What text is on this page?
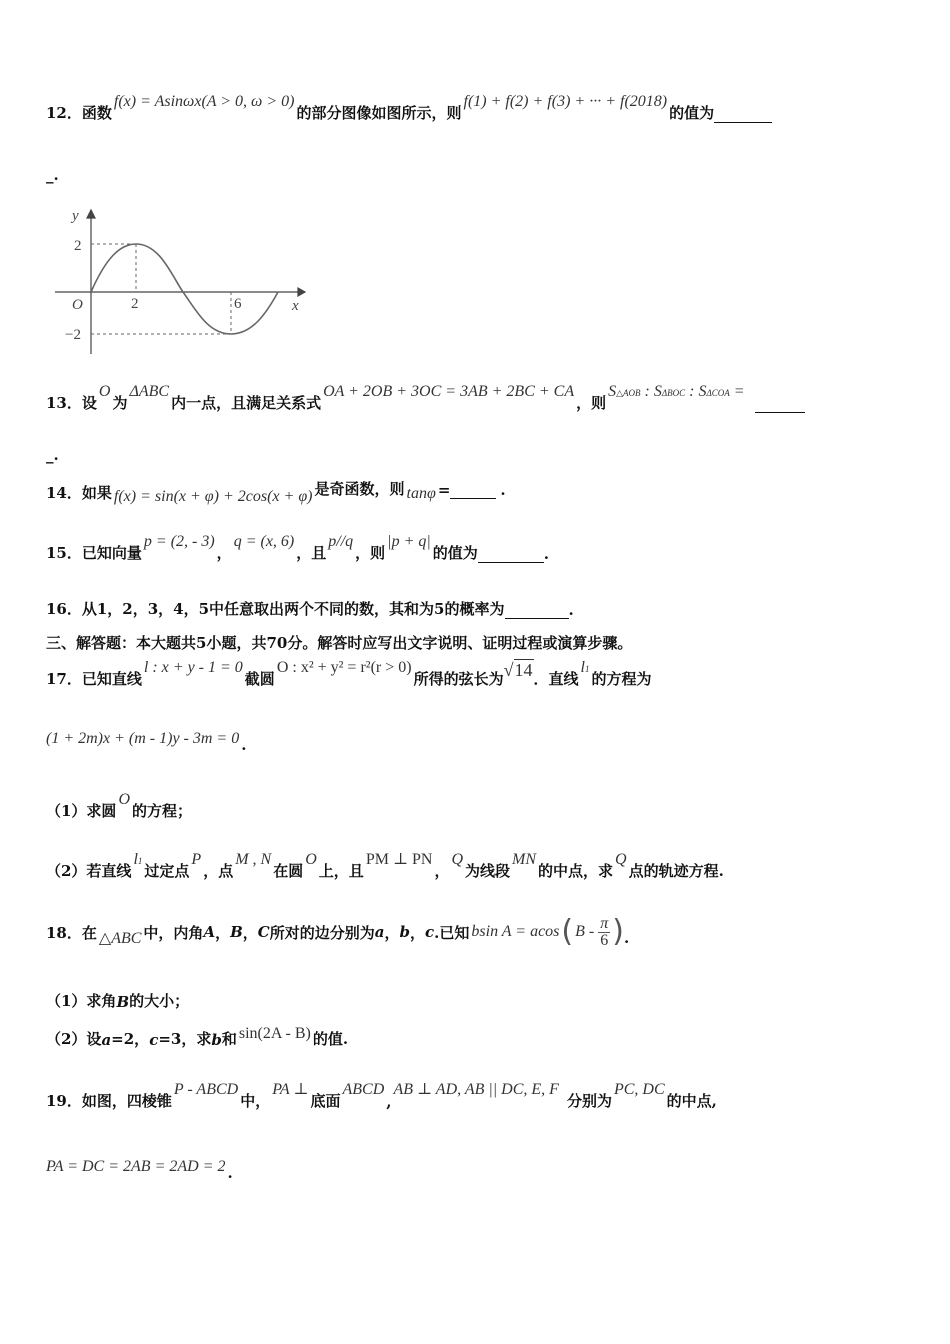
12． 函数
f(x) = Asinωx(A > 0, ω > 0)
的部分图像如图所示，则
f(1) + f(2) + f(3) + ··· + f(2018)
的值为
_.
y
x
O
2
−2
2	6
13． 设
O
为
ΔABC
内一点，且满足关系式
OA + 2OB + 3OC = 3AB + 2BC + CA
，则
S△AOB : SΔBOC : SΔCOA =
_.
14． 如果 f(x) = sin(x + φ) + 2cos(x + φ) 是奇函数，则 tanφ =	.
15． 已知向量
p = (2, - 3)
，
q = (x, 6)
，且
p//q
，则
|p + q|
的值为	.
16．从1，2，3，4，5中任意取出两个不同的数，其和为5的概率为	.
三、解答题：本大题共5小题，共70分。解答时应写出文字说明、证明过程或演算步骤。
17． 已知直线
l : x + y - 1 = 0
截圆
O : x² + y² = r²(r > 0)
所得的弦长为 √14 ．直线
l1
的方程为
(1 + 2m)x + (m - 1)y - 3m = 0 .
（1）求圆
O
的方程；
（2）若直线
l1
过定点
P
，点
M , N
在圆
O
上，且
PM ⊥ PN
，
Q
为线段
MN
的中点，求
Q
点的轨迹方程.
18． 在 △ABC 中，内角 A ， B ， C 所对的边分别为 a ， b ， c .已知 bsin A = acos ( B - $\frac{\pi}{6}$ ) .
（1）求角 B 的大小；
（2）设 a =2， c =3，求 b 和 sin(2A - B) 的值.
19． 如图，四棱锥
P - ABCD
中，
PA ⊥
底面
ABCD
,
AB ⊥ AD, AB || DC, E, F
分别为
PC, DC
的中点,
PA = DC = 2AB = 2AD = 2 .
